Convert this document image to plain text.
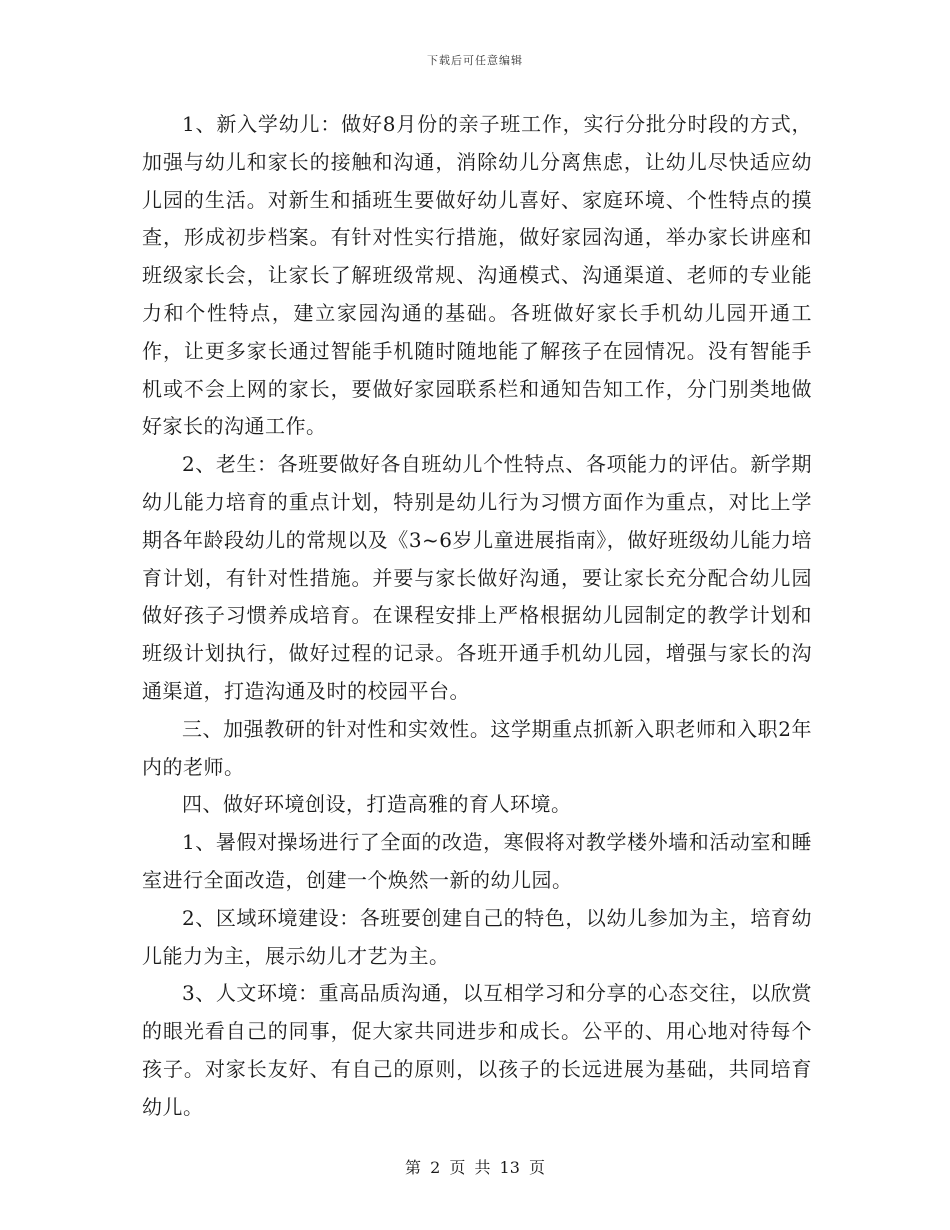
下载后可任意编辑

1、新入学幼儿：做好8月份的亲子班工作，实行分批分时段的方式，加强与幼儿和家长的接触和沟通，消除幼儿分离焦虑，让幼儿尽快适应幼儿园的生活。对新生和插班生要做好幼儿喜好、家庭环境、个性特点的摸查，形成初步档案。有针对性实行措施，做好家园沟通，举办家长讲座和班级家长会，让家长了解班级常规、沟通模式、沟通渠道、老师的专业能力和个性特点，建立家园沟通的基础。各班做好家长手机幼儿园开通工作，让更多家长通过智能手机随时随地能了解孩子在园情况。没有智能手机或不会上网的家长，要做好家园联系栏和通知告知工作，分门别类地做好家长的沟通工作。

2、老生：各班要做好各自班幼儿个性特点、各项能力的评估。新学期幼儿能力培育的重点计划，特别是幼儿行为习惯方面作为重点，对比上学期各年龄段幼儿的常规以及《3~6岁儿童进展指南》，做好班级幼儿能力培育计划，有针对性措施。并要与家长做好沟通，要让家长充分配合幼儿园做好孩子习惯养成培育。在课程安排上严格根据幼儿园制定的教学计划和班级计划执行，做好过程的记录。各班开通手机幼儿园，增强与家长的沟通渠道，打造沟通及时的校园平台。

三、加强教研的针对性和实效性。这学期重点抓新入职老师和入职2年内的老师。

四、做好环境创设，打造高雅的育人环境。

1、暑假对操场进行了全面的改造，寒假将对教学楼外墙和活动室和睡室进行全面改造，创建一个焕然一新的幼儿园。

2、区域环境建设：各班要创建自己的特色，以幼儿参加为主，培育幼儿能力为主，展示幼儿才艺为主。

3、人文环境：重高品质沟通，以互相学习和分享的心态交往，以欣赏的眼光看自己的同事，促大家共同进步和成长。公平的、用心地对待每个孩子。对家长友好、有自己的原则，以孩子的长远进展为基础，共同培育幼儿。

第 2 页 共 13 页
